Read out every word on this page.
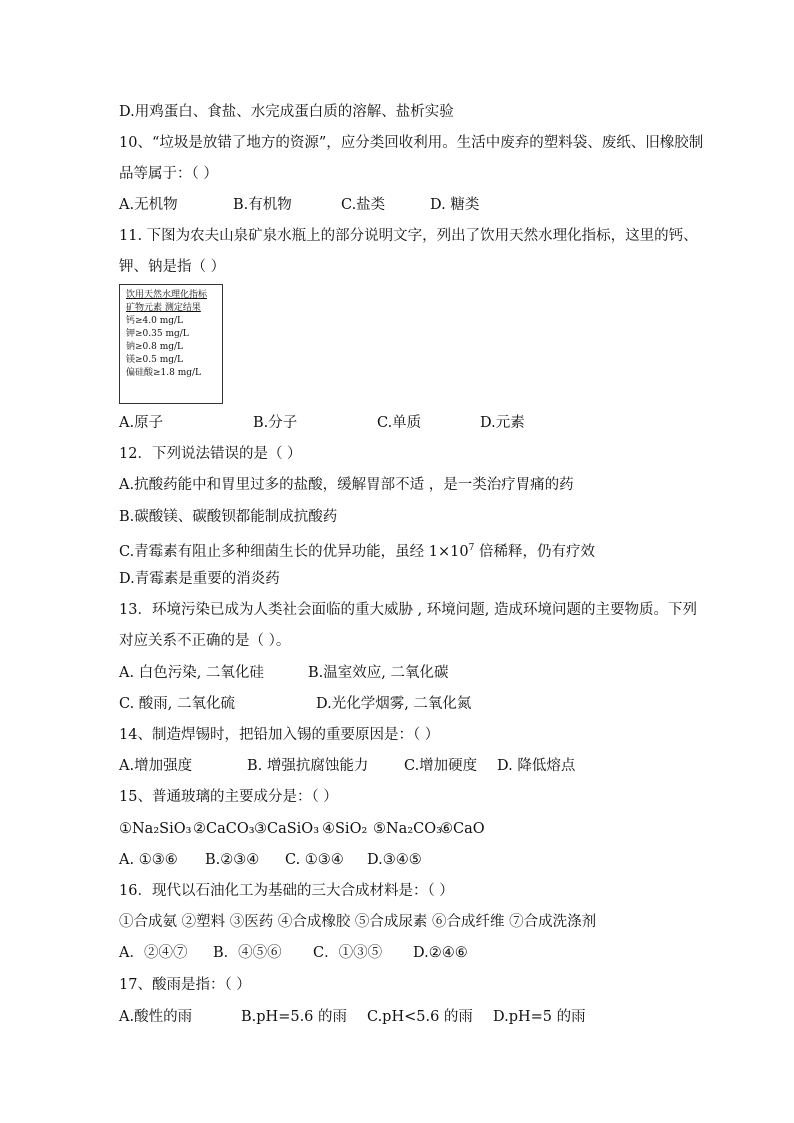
D.用鸡蛋白、食盐、水完成蛋白质的溶解、盐析实验
10、“垃圾是放错了地方的资源”，应分类回收利用。生活中废弃的塑料袋、废纸、旧橡胶制
品等属于：（ ）
A.无机物	B.有机物	C.盐类	D. 糖类
11. 下图为农夫山泉矿泉水瓶上的部分说明文字，列出了饮用天然水理化指标，这里的钙、
钾、钠是指（ ）
饮用天然水理化指标
矿物元素 测定结果
钙≥4.0 mg/L
钾≥0.35 mg/L
钠≥0.8 mg/L
镁≥0.5 mg/L
偏硅酸≥1.8 mg/L
A.原子	B.分子	C.单质	D.元素
12．下列说法错误的是（ ）
A.抗酸药能中和胃里过多的盐酸，缓解胃部不适 ，是一类治疗胃痛的药
B.碳酸镁、碳酸钡都能制成抗酸药
C.青霉素有阻止多种细菌生长的优异功能，虽经 $1\times 10^7$ 倍稀释，仍有疗效
D.青霉素是重要的消炎药
13．环境污染已成为人类社会面临的重大威胁 , 环境问题, 造成环境问题的主要物质。下列
对应关系不正确的是（ ）。
A. 白色污染, 二氧化硅	B.温室效应, 二氧化碳
C. 酸雨, 二氧化硫	D.光化学烟雾, 二氧化氮
14、制造焊锡时，把铅加入锡的重要原因是：（ ）
A.增加强度	B. 增强抗腐蚀能力 C.增加硬度 D. 降低熔点
15、普通玻璃的主要成分是：（ ）
①Na₂SiO₃ ②CaCO₃ ③CaSiO₃ ④SiO₂ ⑤Na₂CO₃
⑥CaO
A. ①③⑥ B.②③④ C. ①③④ D.③④⑤
16．现代以石油化工为基础的三大合成材料是：（ ）
①合成氨 ②塑料 ③医药 ④合成橡胶 ⑤合成尿素 ⑥合成纤维 ⑦合成洗涤剂
A．②④⑦ B．④⑤⑥ C．①③⑤ D.②④⑥
17、酸雨是指：（ ）
A.酸性的雨	B.pH=5.6 的雨 C.pH<5.6 的雨 D.pH=5 的雨
